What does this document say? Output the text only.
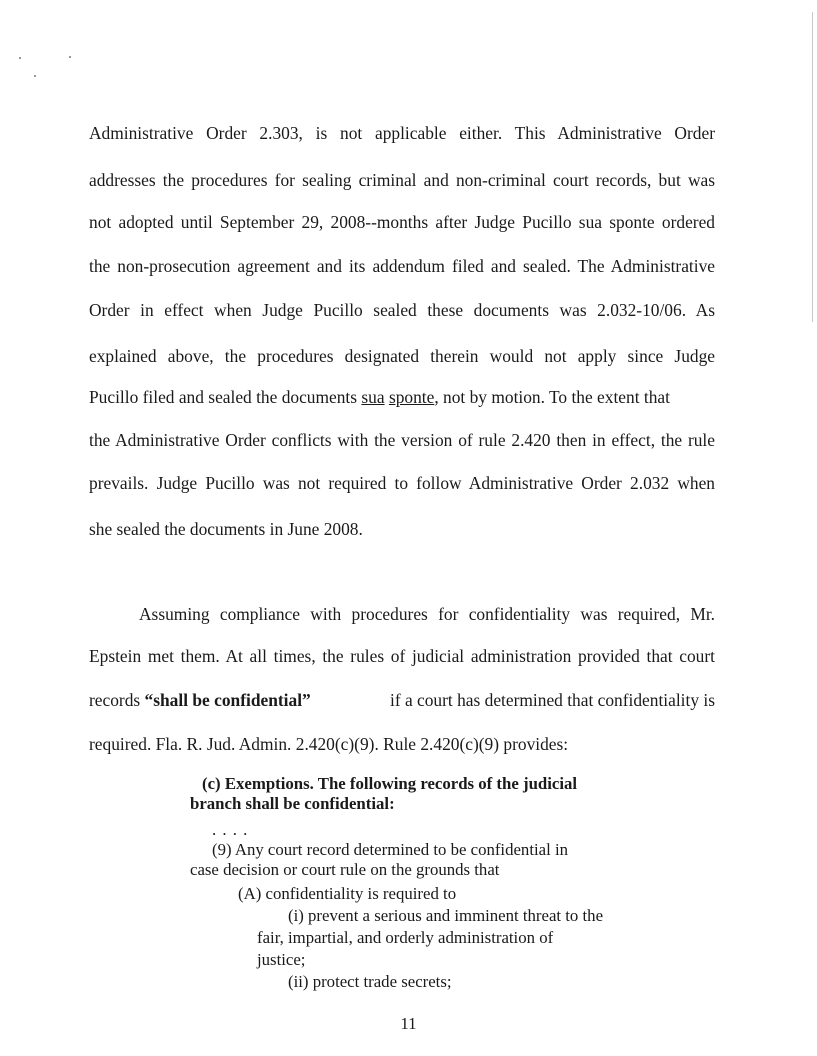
Administrative Order 2.303, is not applicable either. This Administrative Order
addresses the procedures for sealing criminal and non-criminal court records, but was
not adopted until September 29, 2008--months after Judge Pucillo sua sponte ordered
the non-prosecution agreement and its addendum filed and sealed. The Administrative
Order in effect when Judge Pucillo sealed these documents was 2.032-10/06. As
explained above, the procedures designated therein would not apply since Judge
Pucillo filed and sealed the documents sua sponte, not by motion. To the extent that
the Administrative Order conflicts with the version of rule 2.420 then in effect, the rule
prevails. Judge Pucillo was not required to follow Administrative Order 2.032 when
she sealed the documents in June 2008.
Assuming compliance with procedures for confidentiality was required, Mr.
Epstein met them. At all times, the rules of judicial administration provided that court
records “shall be confidential”	if a court has determined that confidentiality is
required. Fla. R. Jud. Admin. 2.420(c)(9). Rule 2.420(c)(9) provides:
(c) Exemptions. The following records of the judicial branch shall be confidential:
. . . .
(9) Any court record determined to be confidential in
case decision or court rule on the grounds that
(A) confidentiality is required to
(i) prevent a serious and imminent threat to the
fair, impartial, and orderly administration of
justice;
(ii) protect trade secrets;
11
